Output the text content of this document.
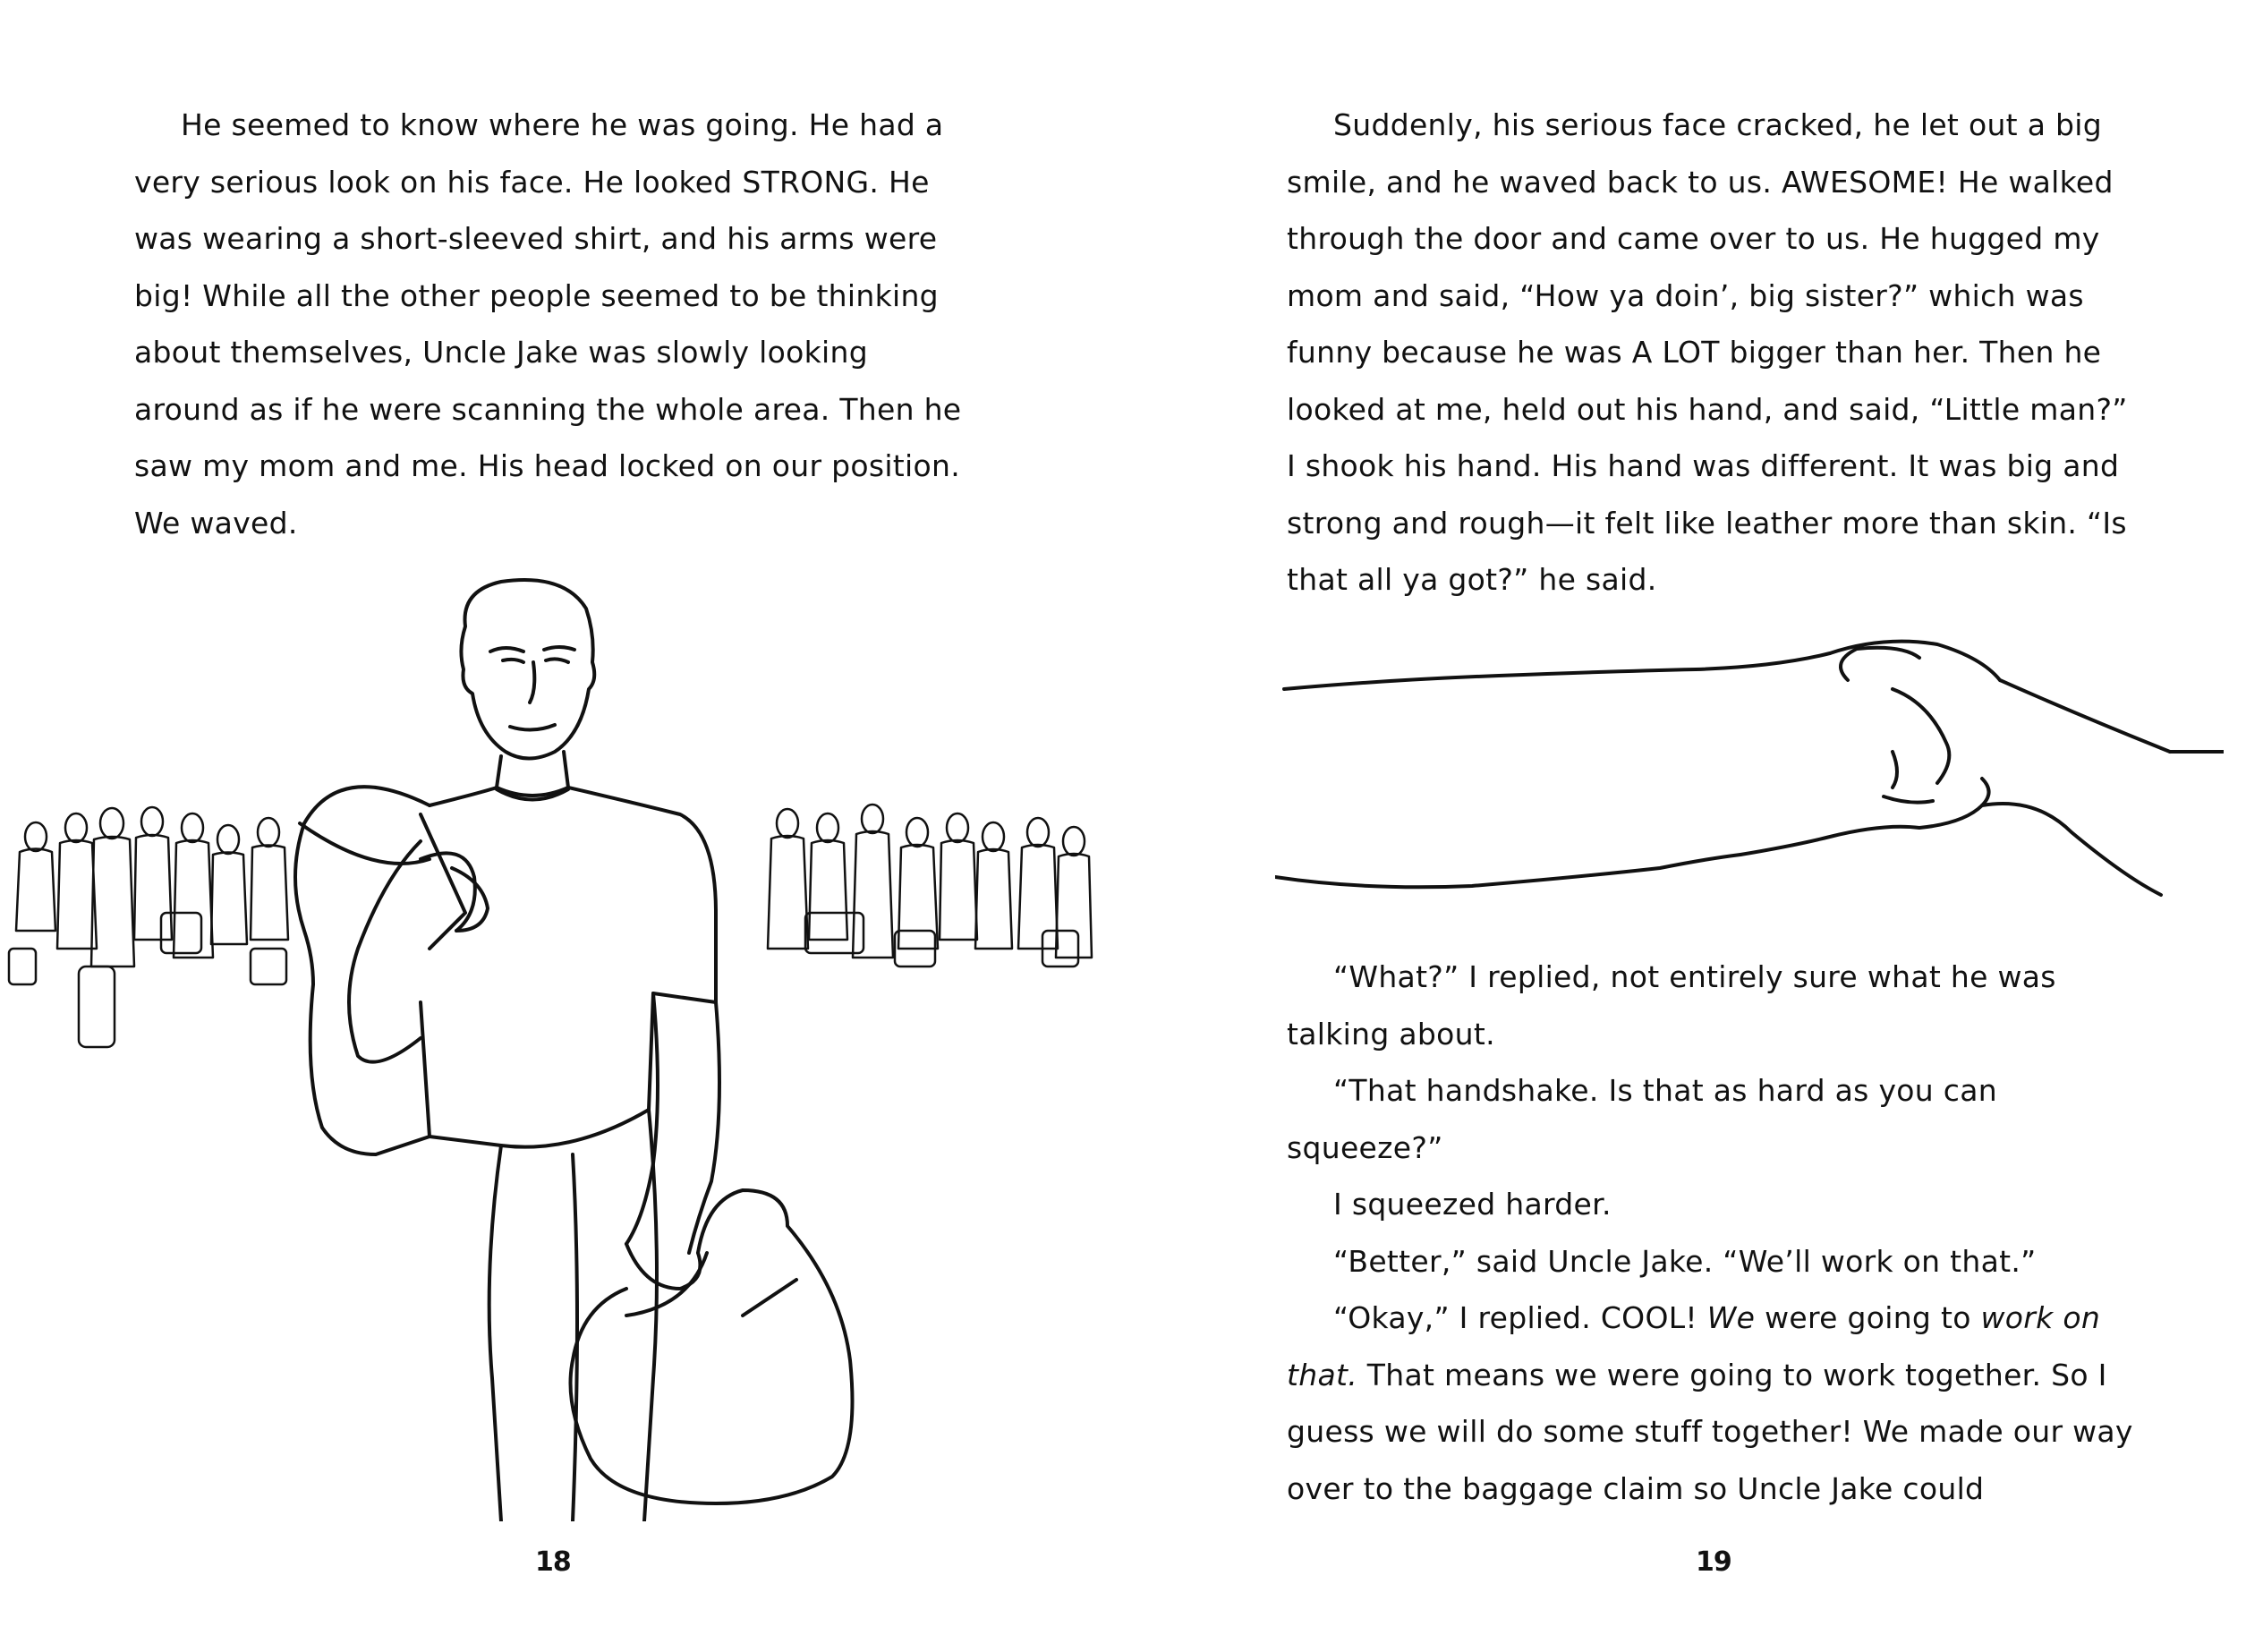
He seemed to know where he was going. He had a very serious look on his face. He looked STRONG. He was wearing a short-sleeved shirt, and his arms were big! While all the other people seemed to be thinking about themselves, Uncle Jake was slowly looking around as if he were scanning the whole area. Then he saw my mom and me. His head locked on our position. We waved.

18

Suddenly, his serious face cracked, he let out a big smile, and he waved back to us. AWESOME! He walked through the door and came over to us. He hugged my mom and said, “How ya doin’, big sister?” which was funny because he was A LOT bigger than her. Then he looked at me, held out his hand, and said, “Little man?” I shook his hand. His hand was different. It was big and strong and rough—it felt like leather more than skin. “Is that all ya got?” he said.

“What?” I replied, not entirely sure what he was talking about.

“That handshake. Is that as hard as you can squeeze?”

I squeezed harder.

“Better,” said Uncle Jake. “We’ll work on that.”

“Okay,” I replied. COOL! We were going to work on that. That means we were going to work together. So I guess we will do some stuff together! We made our way over to the baggage claim so Uncle Jake could

19
